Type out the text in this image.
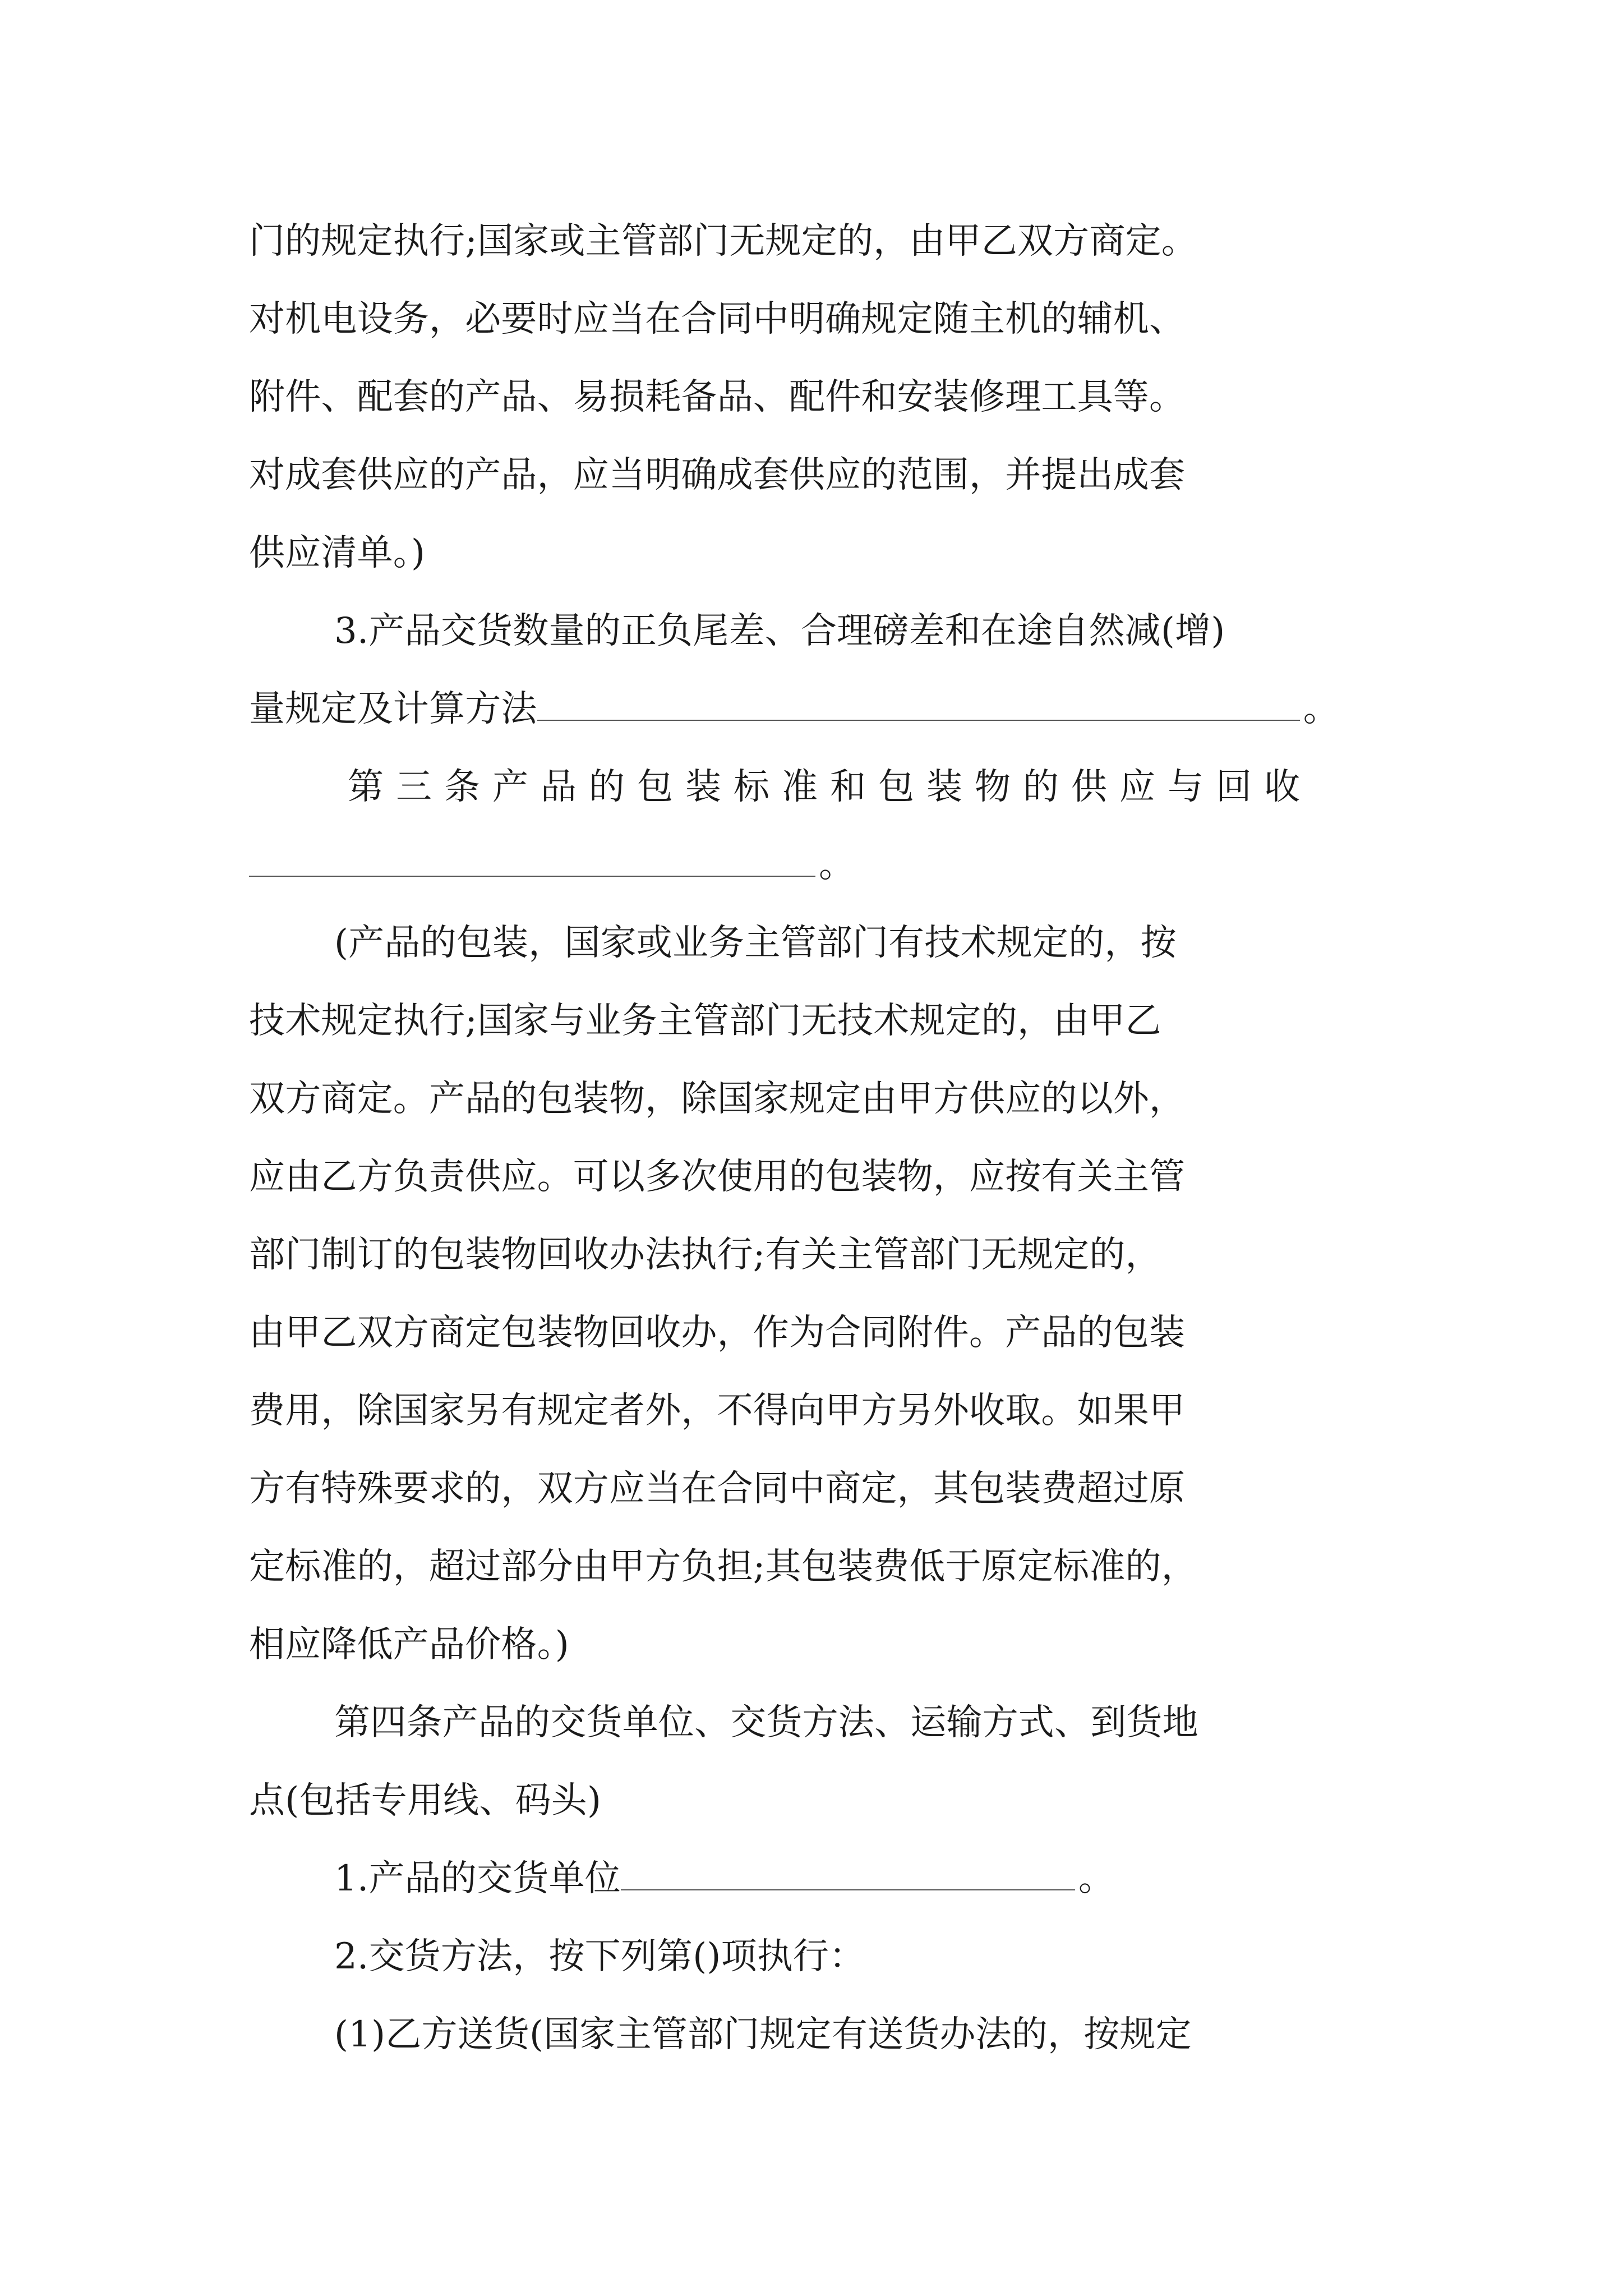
门的规定执行;国家或主管部门无规定的，由甲乙双方商定。
对机电设务，必要时应当在合同中明确规定随主机的辅机、
附件、配套的产品、易损耗备品、配件和安装修理工具等。
对成套供应的产品，应当明确成套供应的范围，并提出成套
供应清单。)
3.产品交货数量的正负尾差、合理磅差和在途自然减(增)
量规定及计算方法	。
第三条产品的包装标准和包装物的供应与回收
。
(产品的包装，国家或业务主管部门有技术规定的，按
技术规定执行;国家与业务主管部门无技术规定的，由甲乙
双方商定。产品的包装物，除国家规定由甲方供应的以外，
应由乙方负责供应。可以多次使用的包装物，应按有关主管
部门制订的包装物回收办法执行;有关主管部门无规定的，
由甲乙双方商定包装物回收办，作为合同附件。产品的包装
费用，除国家另有规定者外，不得向甲方另外收取。如果甲
方有特殊要求的，双方应当在合同中商定，其包装费超过原
定标准的，超过部分由甲方负担;其包装费低于原定标准的，
相应降低产品价格。)
第四条产品的交货单位、交货方法、运输方式、到货地
点(包括专用线、码头)
1.产品的交货单位	。
2.交货方法，按下列第()项执行：
(1)乙方送货(国家主管部门规定有送货办法的，按规定
